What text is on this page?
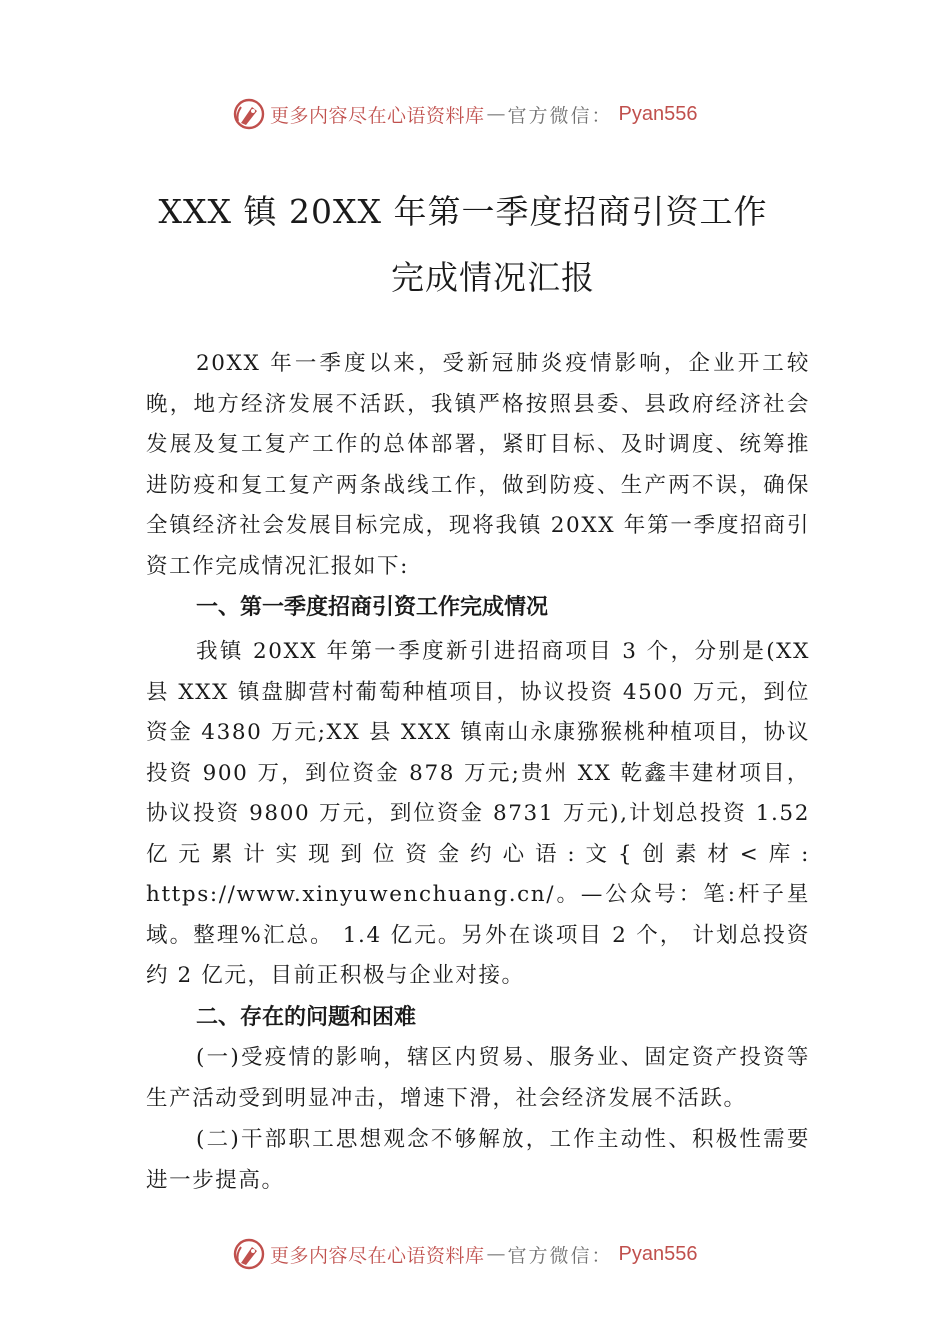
更多内容尽在心语资料库 — 官方微信： Pyan556
XXX 镇 20XX 年第一季度招商引资工作
完成情况汇报
20XX 年一季度以来，受新冠肺炎疫情影响，企业开工较晚，地方经济发展不活跃，我镇严格按照县委、县政府经济社会发展及复工复产工作的总体部署，紧盯目标、及时调度、统筹推进防疫和复工复产两条战线工作，做到防疫、生产两不误，确保全镇经济社会发展目标完成，现将我镇 20XX 年第一季度招商引资工作完成情况汇报如下:
一、第一季度招商引资工作完成情况
我镇 20XX 年第一季度新引进招商项目 3 个，分别是(XX 县 XXX 镇盘脚营村葡萄种植项目，协议投资 4500 万元，到位资金 4380 万元;XX 县 XXX 镇南山永康猕猴桃种植项目，协议投资 900 万，到位资金 878 万元;贵州 XX 乾鑫丰建材项目，协议投资 9800 万元，到位资金 8731 万元),计划总投资 1.52 亿元累计实现到位资金约心语:文{创素材<库: https://www.xinyuwenchuang.cn/。—公众号：笔:杆子星域。整理%汇总。 1.4 亿元。另外在谈项目 2 个， 计划总投资约 2 亿元，目前正积极与企业对接。
二、存在的问题和困难
(一)受疫情的影响，辖区内贸易、服务业、固定资产投资等生产活动受到明显冲击，增速下滑，社会经济发展不活跃。
(二)干部职工思想观念不够解放，工作主动性、积极性需要进一步提高。
更多内容尽在心语资料库 — 官方微信： Pyan556
